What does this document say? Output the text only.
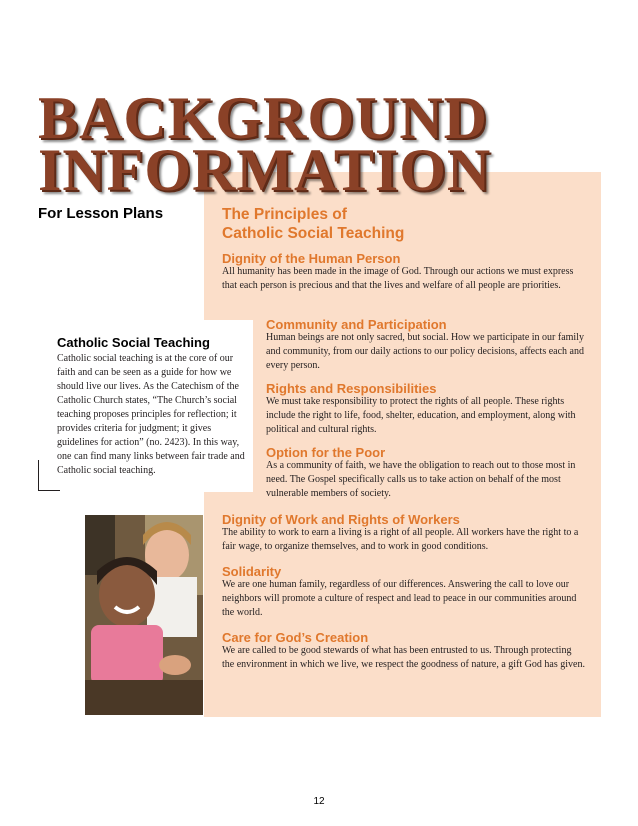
BACKGROUND
INFORMATION
For Lesson Plans	The Principles of
Catholic Social Teaching
Dignity of the Human Person

All humanity has been made in the image of God. Through our actions we must express that each person is precious and that the lives and welfare of all people are priorities.

Community and Participation

Human beings are not only sacred, but social. How we participate in our family and community, from our daily actions to our policy decisions, affects each and every person.

Rights and Responsibilities

We must take responsibility to protect the rights of all people. These rights include the right to life, food, shelter, education, and employment, along with political and cultural rights.

Option for the Poor

As a community of faith, we have the obligation to reach out to those most in need. The Gospel specifically calls us to take action on behalf of the most vulnerable members of society.

Dignity of Work and Rights of Workers

The ability to work to earn a living is a right of all people. All workers have the right to a fair wage, to organize themselves, and to work in good conditions.

Solidarity

We are one human family, regardless of our differences. Answering the call to love our neighbors will promote a culture of respect and lead to peace in our communities around the world.

Care for God’s Creation

We are called to be good stewards of what has been entrusted to us. Through protecting the environment in which we live, we respect the goodness of nature, a gift God has given.

Catholic Social Teaching

Catholic social teaching is at the core of our faith and can be seen as a guide for how we should live our lives. As the Catechism of the Catholic Church states, “The Church’s social teaching proposes principles for reflection; it provides criteria for judgment; it gives guidelines for action” (no. 2423). In this way, one can find many links between fair trade and Catholic social teaching.

12
